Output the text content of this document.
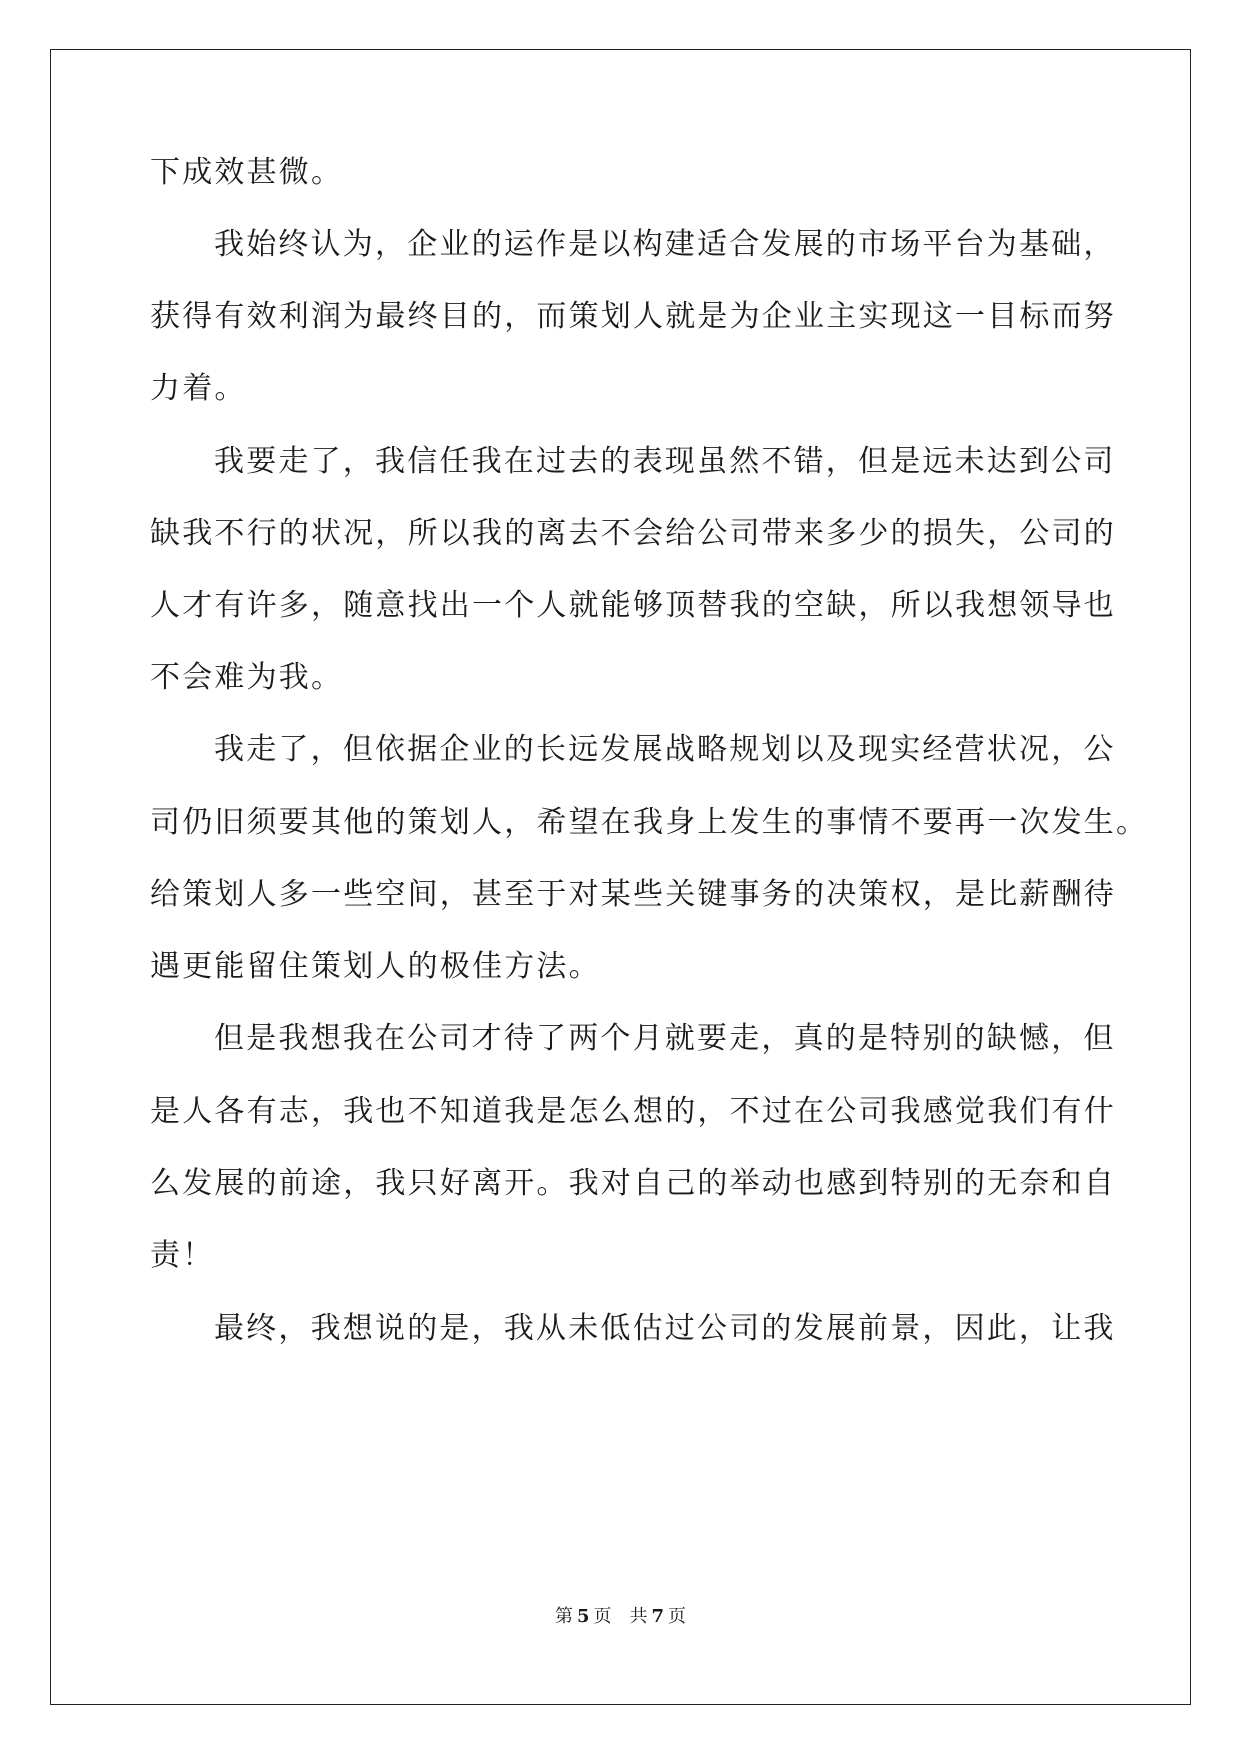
下成效甚微。
我始终认为，企业的运作是以构建适合发展的市场平台为基础，
获得有效利润为最终目的，而策划人就是为企业主实现这一目标而努
力着。
我要走了，我信任我在过去的表现虽然不错，但是远未达到公司
缺我不行的状况，所以我的离去不会给公司带来多少的损失，公司的
人才有许多，随意找出一个人就能够顶替我的空缺，所以我想领导也
不会难为我。
我走了，但依据企业的长远发展战略规划以及现实经营状况，公
司仍旧须要其他的策划人，希望在我身上发生的事情不要再一次发生。
给策划人多一些空间，甚至于对某些关键事务的决策权，是比薪酬待
遇更能留住策划人的极佳方法。
但是我想我在公司才待了两个月就要走，真的是特别的缺憾，但
是人各有志，我也不知道我是怎么想的，不过在公司我感觉我们有什
么发展的前途，我只好离开。我对自己的举动也感到特别的无奈和自
责！
最终，我想说的是，我从未低估过公司的发展前景，因此，让我
第 5 页 共 7 页
